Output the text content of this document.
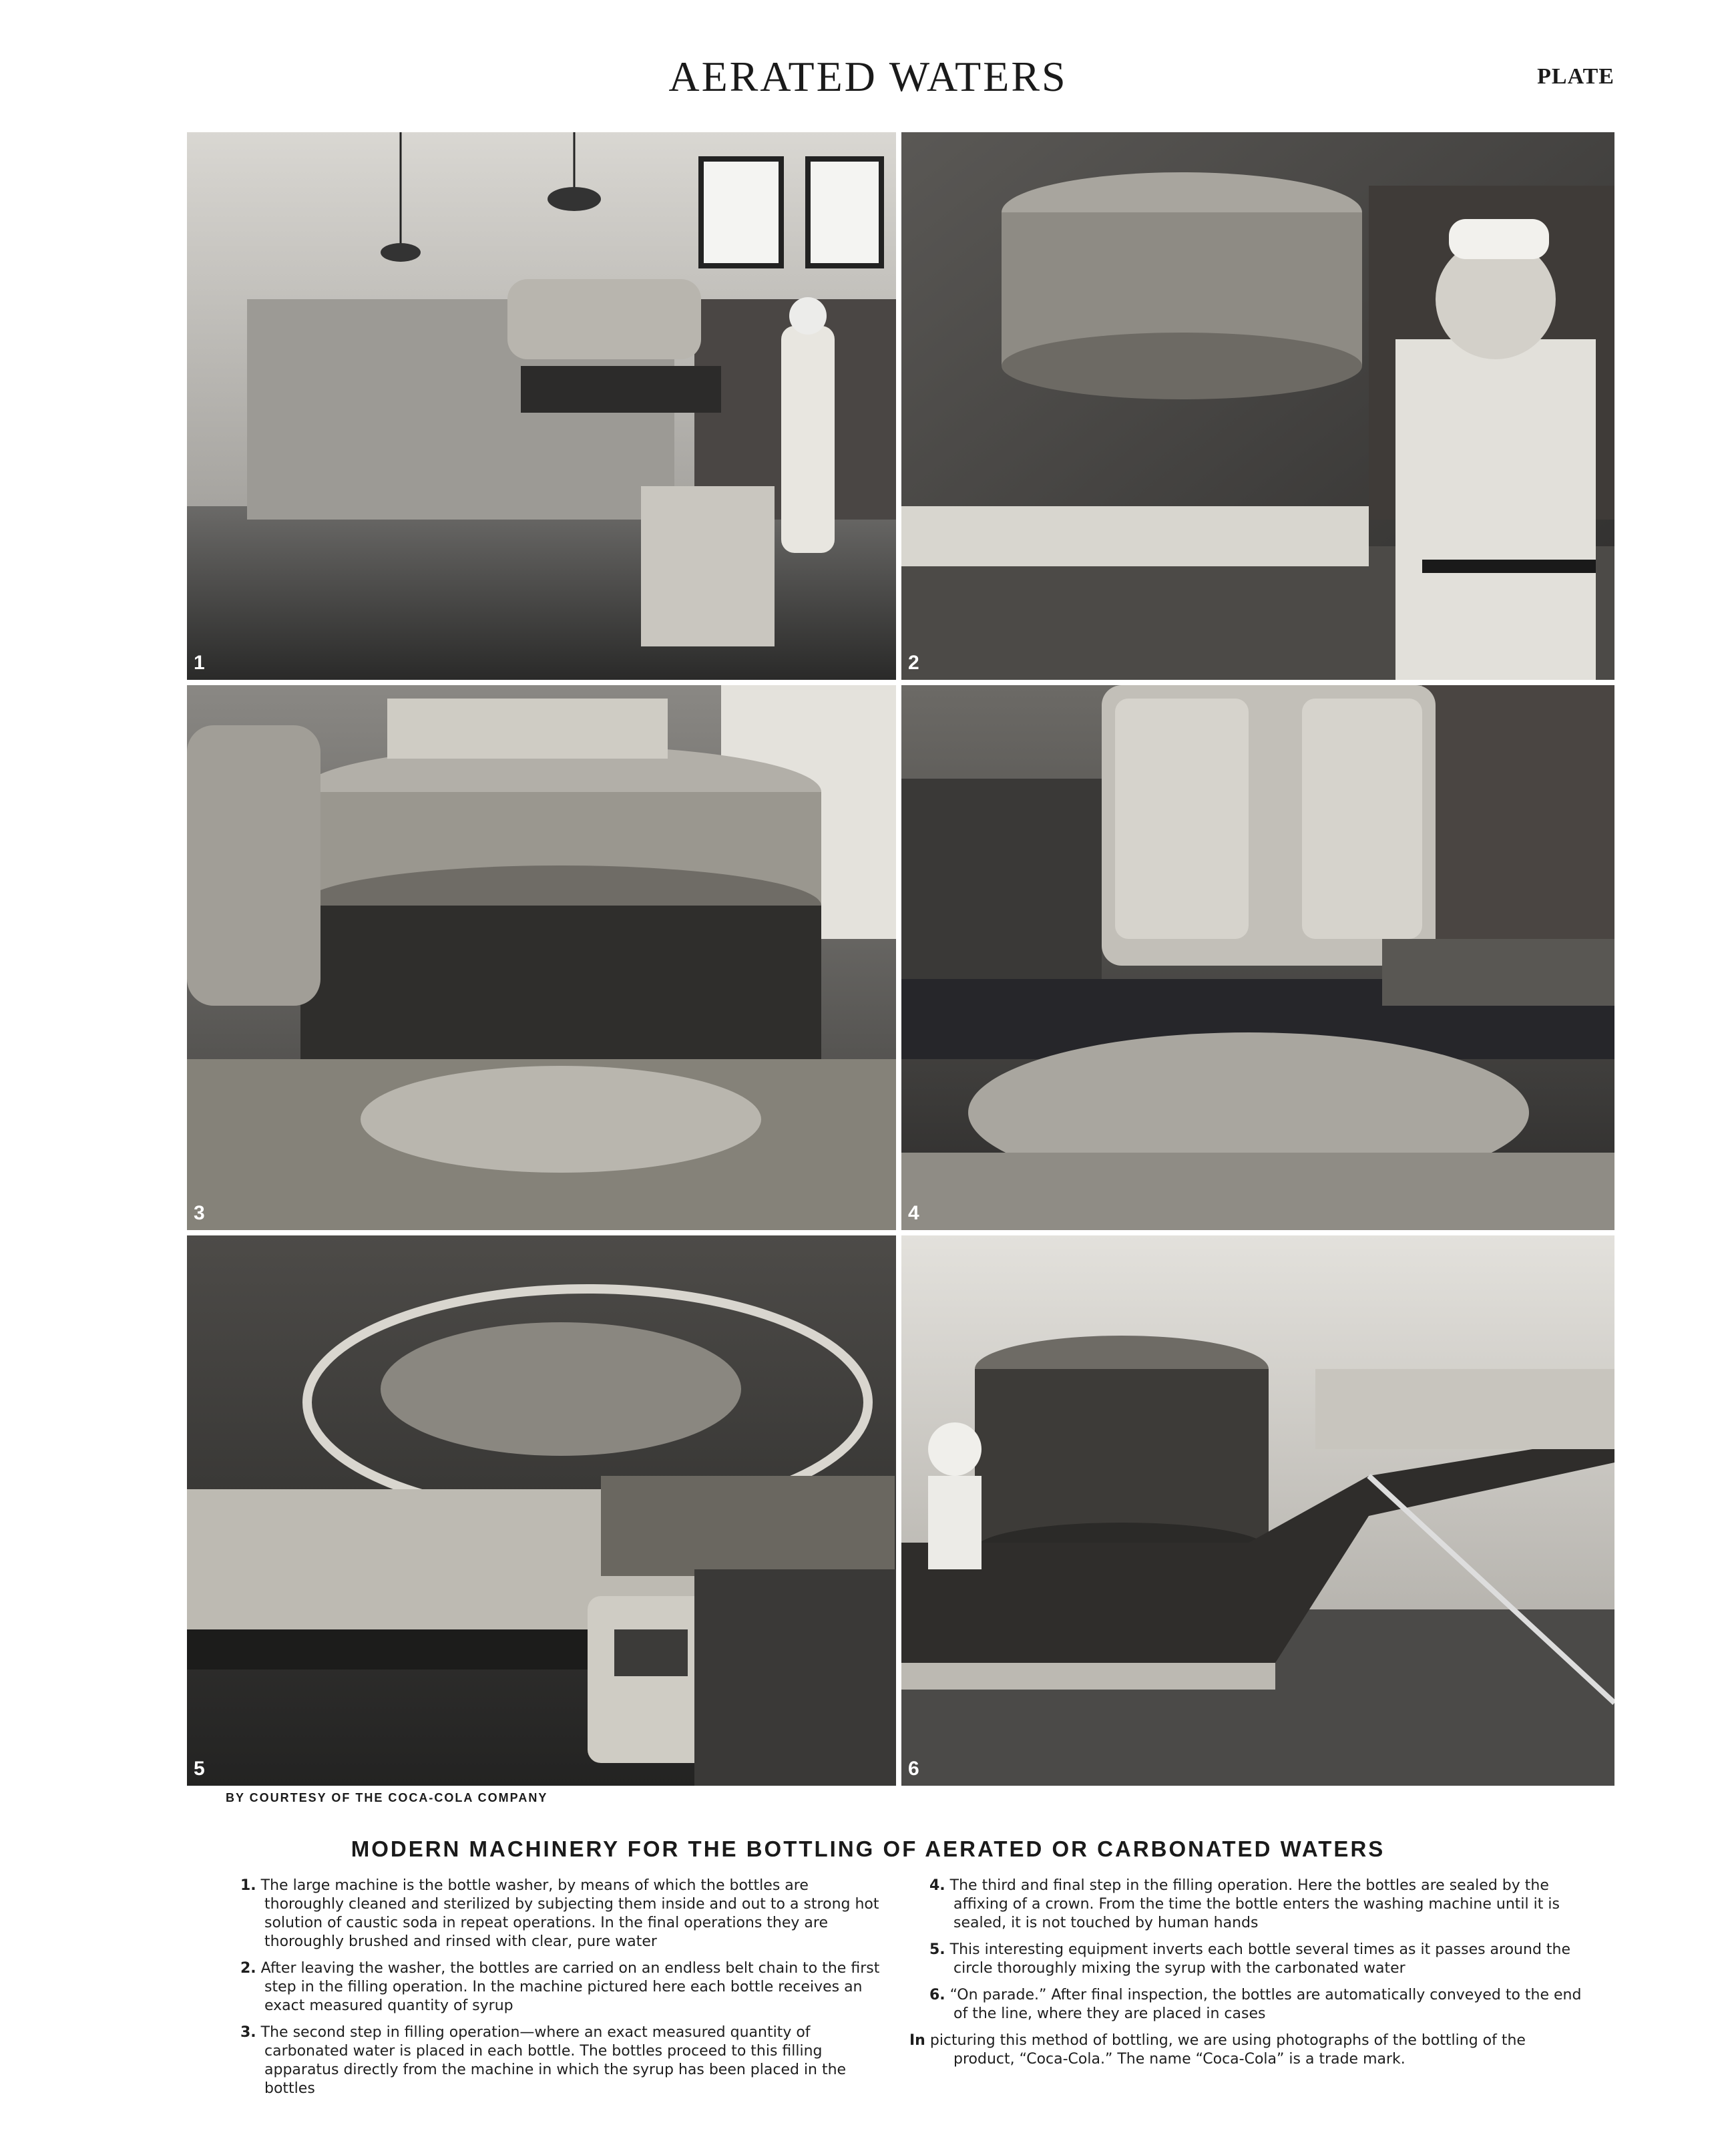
AERATED WATERS	PLATE
1	2
3	4
5	6
BY COURTESY OF THE COCA-COLA COMPANY
MODERN MACHINERY FOR THE BOTTLING OF AERATED OR CARBONATED WATERS

1. The large machine is the bottle washer, by means of which the bottles are thoroughly cleaned and sterilized by subjecting them inside and out to a strong hot solution of caustic soda in repeat operations. In the final operations they are thoroughly brushed and rinsed with clear, pure water

2. After leaving the washer, the bottles are carried on an endless belt chain to the first step in the filling operation. In the machine pictured here each bottle receives an exact measured quantity of syrup

3. The second step in filling operation—where an exact measured quantity of carbonated water is placed in each bottle. The bottles proceed to this filling apparatus directly from the machine in which the syrup has been placed in the bottles

4. The third and final step in the filling operation. Here the bottles are sealed by the affixing of a crown. From the time the bottle enters the washing machine until it is sealed, it is not touched by human hands

5. This interesting equipment inverts each bottle several times as it passes around the circle thoroughly mixing the syrup with the carbonated water

6. “On parade.” After final inspection, the bottles are automatically conveyed to the end of the line, where they are placed in cases

In picturing this method of bottling, we are using photographs of the bottling of the product, “Coca-Cola.” The name “Coca-Cola” is a trade mark.
